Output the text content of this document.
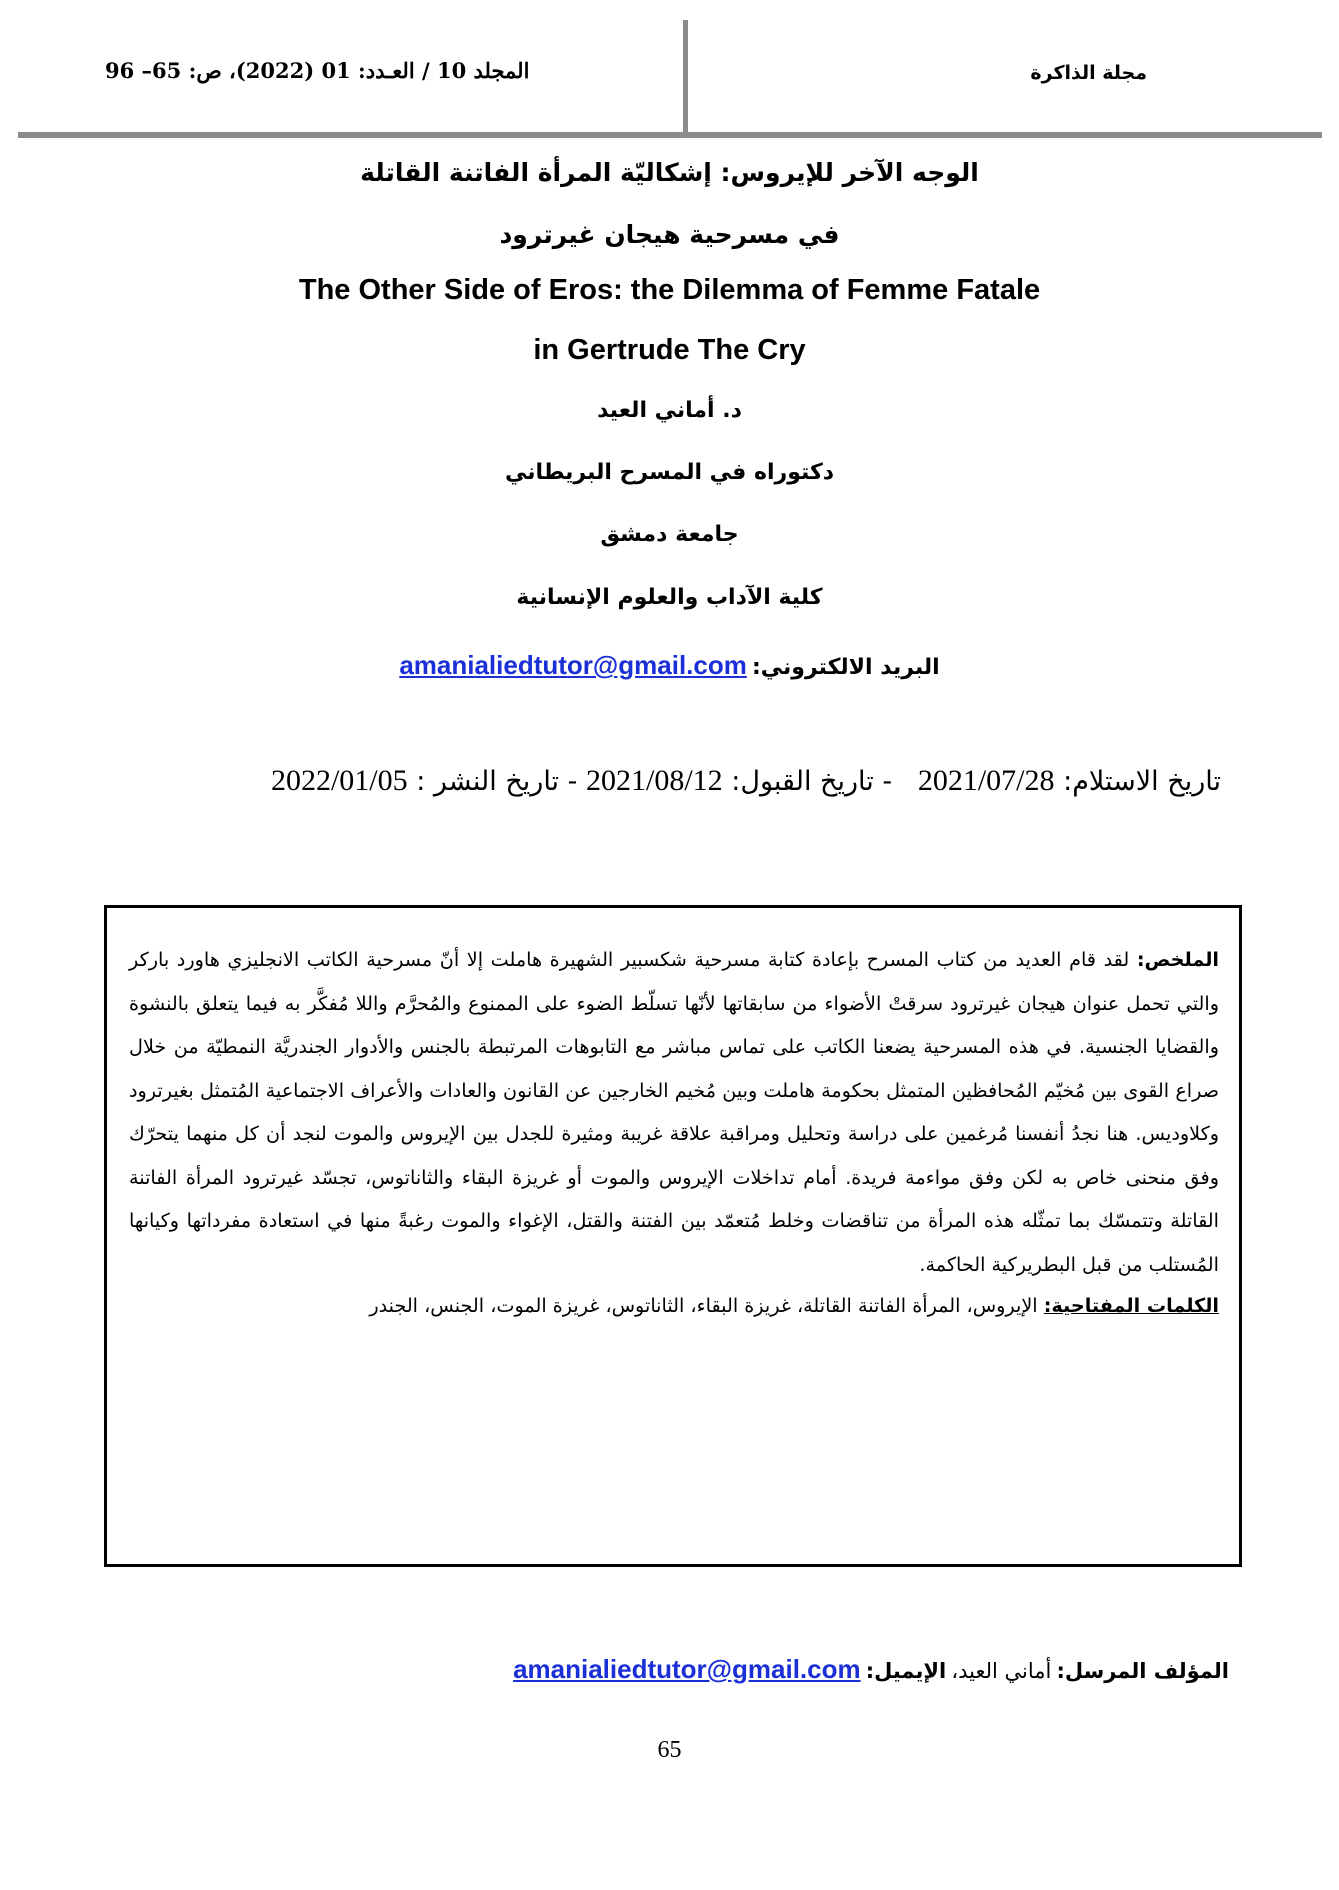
مجلة الذاكرة
المجلد 10 / العـدد: 01 (2022)، ص: 65– 96
الوجه الآخر للإيروس: إشكاليّة المرأة الفاتنة القاتلة
في مسرحية هيجان غيرترود
The Other Side of Eros: the Dilemma of Femme Fatale
in Gertrude The Cry
د. أماني العيد
دكتوراه في المسرح البريطاني
جامعة دمشق
كلية الآداب والعلوم الإنسانية
البريد الالكتروني: amanialiedtutor@gmail.com
تاريخ الاستلام: 2021/07/28   - تاريخ القبول: 2021/08/12 - تاريخ النشر : 2022/01/05
الملخص: لقد قام العديد من كتاب المسرح بإعادة كتابة مسرحية شكسبير الشهيرة هاملت إلا أنّ مسرحية الكاتب الانجليزي هاورد باركر والتي تحمل عنوان هيجان غيرترود سرقتْ الأضواء من سابقاتها لأنّها تسلّط الضوء على الممنوع والمُحرَّم واللا مُفكَّر به فيما يتعلق بالنشوة والقضايا الجنسية. في هذه المسرحية يضعنا الكاتب على تماس مباشر مع التابوهات المرتبطة بالجنس والأدوار الجندريَّة النمطيّة من خلال صراع القوى بين مُخيّم المُحافظين المتمثل بحكومة هاملت وبين مُخيم الخارجين عن القانون والعادات والأعراف الاجتماعية المُتمثل بغيرترود وكلاوديس. هنا نجدُ أنفسنا مُرغمين على دراسة وتحليل ومراقبة علاقة غريبة ومثيرة للجدل بين الإيروس والموت لنجد أن كل منهما يتحرّك وفق منحنى خاص به لكن وفق مواءمة فريدة. أمام تداخلات الإيروس والموت أو غريزة البقاء والثاناتوس، تجسّد غيرترود المرأة الفاتنة القاتلة وتتمسّك بما تمثّله هذه المرأة من تناقضات وخلط مُتعمّد بين الفتنة والقتل، الإغواء والموت رغبةً منها في استعادة مفرداتها وكيانها المُستلب من قبل البطريركية الحاكمة.
الكلمات المفتاحية: الإيروس، المرأة الفاتنة القاتلة، غريزة البقاء، الثاناتوس، غريزة الموت، الجنس، الجندر
المؤلف المرسل: أماني العيد، الإيميل: amanialiedtutor@gmail.com
65
